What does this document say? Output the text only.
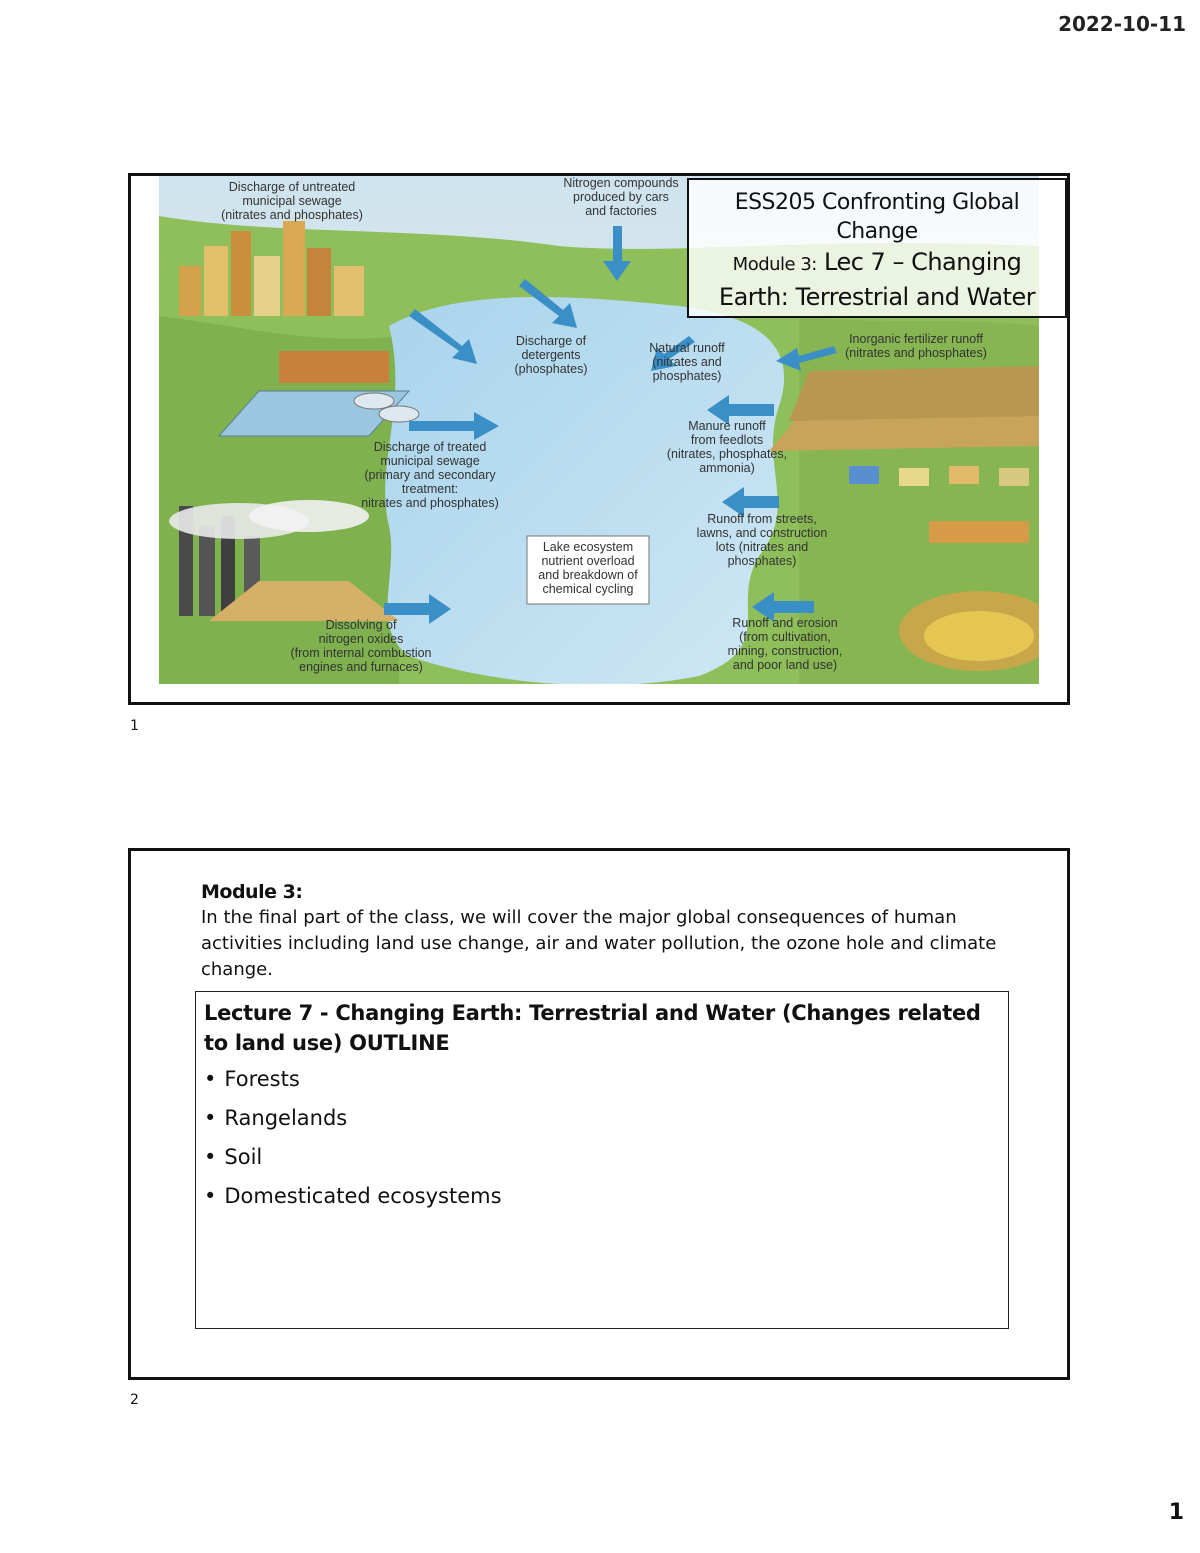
2022-10-11
Discharge of untreated
municipal sewage
(nitrates and phosphates)
Nitrogen compounds
produced by cars
and factories
Discharge of
detergents
(phosphates)
Natural runoff
(nitrates and
phosphates)
Inorganic fertilizer runoff
(nitrates and phosphates)
Manure runoff
from feedlots
(nitrates, phosphates,
ammonia)
Discharge of treated
municipal sewage
(primary and secondary
treatment:
nitrates and phosphates)
Runoff from streets,
lawns, and construction
lots (nitrates and
phosphates)
Lake ecosystem
nutrient overload
and breakdown of
chemical cycling
Dissolving of
nitrogen oxides
(from internal combustion
engines and furnaces)
Runoff and erosion
(from cultivation,
mining, construction,
and poor land use)
ESS205 Confronting Global
Change
Module 3: Lec 7 – Changing
Earth: Terrestrial and Water
1
Module 3:
In the final part of the class, we will cover the major global consequences of human activities including land use change, air and water pollution, the ozone hole and climate change.
Lecture 7 - Changing Earth: Terrestrial and Water (Changes related to land use) OUTLINE
• Forests
• Rangelands
• Soil
• Domesticated ecosystems
2
1
